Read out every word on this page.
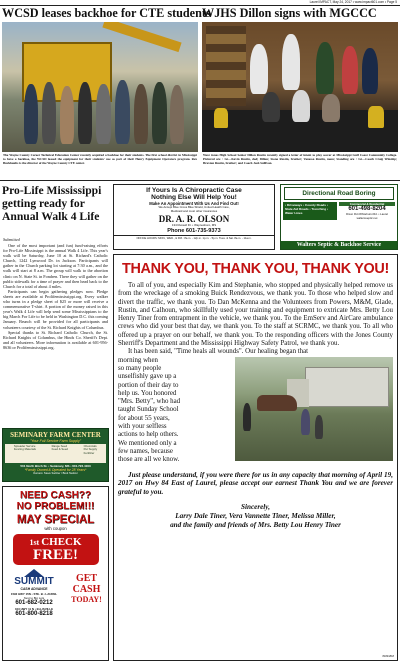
Laurel IMPACT, May 24, 2017 • www.impact601.com • Page 5
WCSD leases backhoe for CTE students
The Wayne County Career Technical Education Center recently acquired a backhoe for their students. The first school district in Mississippi to have a backhoe, the WCSD leased the equipment for their students' use as part of their Henry Equipment Operators program. Rex Buckhaults is the director of the Wayne County CTE center.
WJHS Dillon signs with MGCCC
West Jones High School Senior Dillon Rustin recently signed a letter of intent to play soccer at Mississippi Gulf Coast Community College. Pictured are : 1st—Kevin Rustin, dad; Dillon; Stone Rustin, brother; Vanessa Rustin, mom; Standing are : 1st—Coach Craig Winship; Braxton Rustin, brother; and Coach Josh Sullivan.
Pro-Life Mississippi getting ready for Annual Walk 4 Life
Submitted

One of the most important (and fun) fund-raising efforts for Pro-Life Mississippi is the annual Walk 4 Life. This year's walk will be Saturday, June 10 at St. Richard's Catholic Church, 1242 Lynwood Dr. in Jackson. Participants will gather in the Church parking lot starting at 7:30 a.m., and the walk will start at 8 a.m. The group will walk to the abortion clinic on N. State St. in Fondren. There they will gather on the public sidewalk for a time of prayer and then head back to the Church for a total of about 4 miles.

Participants can begin gathering pledges now. Pledge sheets are available at Prolifemississippi.org. Every walker who turns in a pledge sheet of $25 or more will receive a commemorative T-shirt. A portion of the money raised in this year's Walk 4 Life will help send some Mississippians to the big March For Life to be held in Washington D.C. this coming January. Brunch will be provided for all participants and volunteers courtesy of the St. Richard Knights of Columbus.

Special thanks to St. Richard Catholic Church, the St. Richard Knights of Columbus, the Hinds Co. Sheriff's Dept. and all volunteers. More information is available at 601-956-8636 or Prolifemississippi.org.

If Yours Is A Chiropractic Case
Nothing Else Will Help You!
Make An Appointment With Us And Find Out!
We Accept Blue Cross Blue Shield, United Health Care,
Medicaid and most other insurances
DR. A. R. OLSON
134 Russell Dr. • Waynesboro, MS
Phone 601-735-9373
OFFICE HOURS: MON., WED., & FRI.: 8a.m. - 12p.m. 1p.m. - 5p.m. Tues. & Sat. 8a.m. - 11a.m.
Directional Road Boring
• Driveways • County Roads • State Aid Roads • Trenching • Water Lines
Commercial & Residential
601-498-8204
Dixon Rd./Whitehurst Rd. • Laurel
waltersseptic.net
Walters Septic & Backhoe Service
SEMINARY FARM CENTER
"Your Full Service Farm Supply"
Spreader Service
Fencing Materials
Range Seed
Feed & Seed
Chemicals
Pet Supply
Fertilizer
501 North Birch St. • Seminary, MS • 601.722.4163
*Family Owned & Operated for 28 Years*
Owners: Steve Switzer / Brett Switzer
NEED CASH??
NO PROBLEM!!!
MAY SPECIAL
with coupon
1st CHECK
FREE!
SUMMIT
CASH ADVANCE
1592 HWY 15N • STE. B • LAUREL
Next to Big Lots
601-682-0212
103 HWY 11 N • ELLISVILLE
601-800-8218
GET
CASH
TODAY!
THANK YOU, THANK YOU, THANK YOU!

To all of you, and especially Kim and Stephanie, who stopped and physically helped remove us from the wreckage of a smoking Buick Rendezvous, we thank you. To those who helped slow and divert the traffic, we thank you. To Dan McKenna and the Volunteers from Powers, M&M, Glade, Rustin, and Calhoun, who skillfully used your training and equipment to extricate Mrs. Betty Lou Henry Tiner from entrapment in the vehicle, we thank you. To the EmServ and AirCare ambulance crews who did your best that day, we thank you. To the staff at SCRMC, we thank you. To all who offered up a prayer on our behalf, we thank you. To the responding officers with the Jones County Sherriff's Department and the Mississippi Highway Safety Patrol, we thank you.

It has been said, "Time heals all wounds". Our healing began that
morning when
so many people
unselfishly gave up a
portion of their day to
help us. You honored
"Mrs. Betty", who had
taught Sunday School
for about 55 years,
with your selfless
actions to help others.
We mentioned only a
few names, because
those are all we know.

Just please understand, if you were there for us in any capacity that morning of April 19, 2017 on Hwy 84 East of Laurel, please accept our earnest Thank You and we are forever grateful to you.

Sincerely,
Larry Dale Tiner, Vera Vannette Tiner, Melissa Miller,
and the family and friends of Mrs. Betty Lou Henry Tiner
81821818
